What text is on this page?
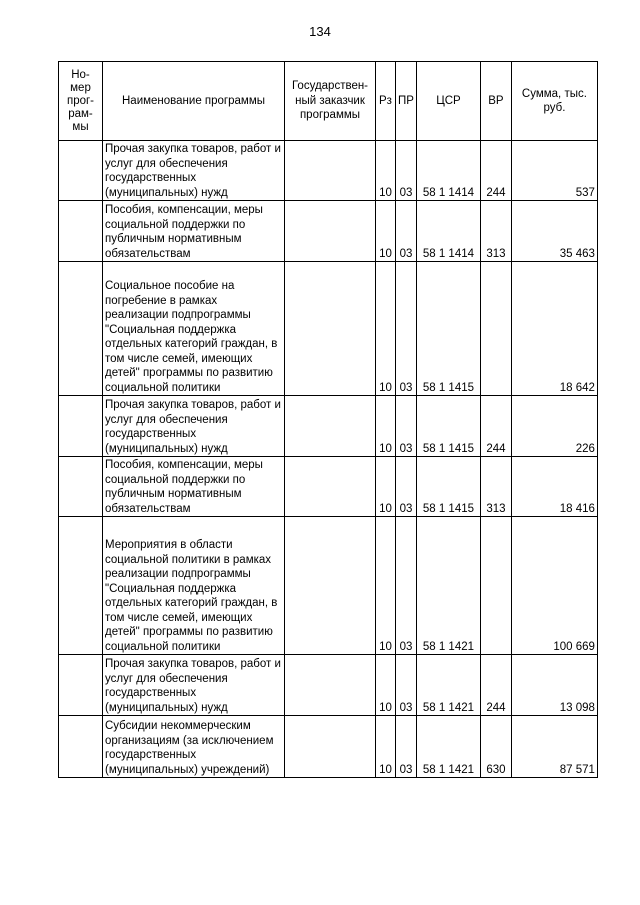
134
Но-
мер
прог-
рам-
мы	Наименование программы	Государствен-ный заказчик программы	Рз	ПР	ЦСР	ВР	Сумма, тыс. руб.
	Прочая закупка товаров, работ и услуг для обеспечения государственных (муниципальных) нужд		10	03	58 1 1414	244	537
	Пособия, компенсации, меры социальной поддержки по публичным нормативным обязательствам		10	03	58 1 1414	313	35 463
	Социальное пособие на погребение в рамках реализации подпрограммы "Социальная поддержка отдельных категорий граждан, в том числе семей, имеющих детей" программы по развитию социальной политики		10	03	58 1 1415		18 642
	Прочая закупка товаров, работ и услуг для обеспечения государственных (муниципальных) нужд		10	03	58 1 1415	244	226
	Пособия, компенсации, меры социальной поддержки по публичным нормативным обязательствам		10	03	58 1 1415	313	18 416
	Мероприятия в области социальной политики в рамках реализации подпрограммы "Социальная поддержка отдельных категорий граждан, в том числе семей, имеющих детей" программы по развитию социальной политики		10	03	58 1 1421		100 669
	Прочая закупка товаров, работ и услуг для обеспечения государственных (муниципальных) нужд		10	03	58 1 1421	244	13 098
	Субсидии некоммерческим организациям (за исключением государственных (муниципальных) учреждений)		10	03	58 1 1421	630	87 571
